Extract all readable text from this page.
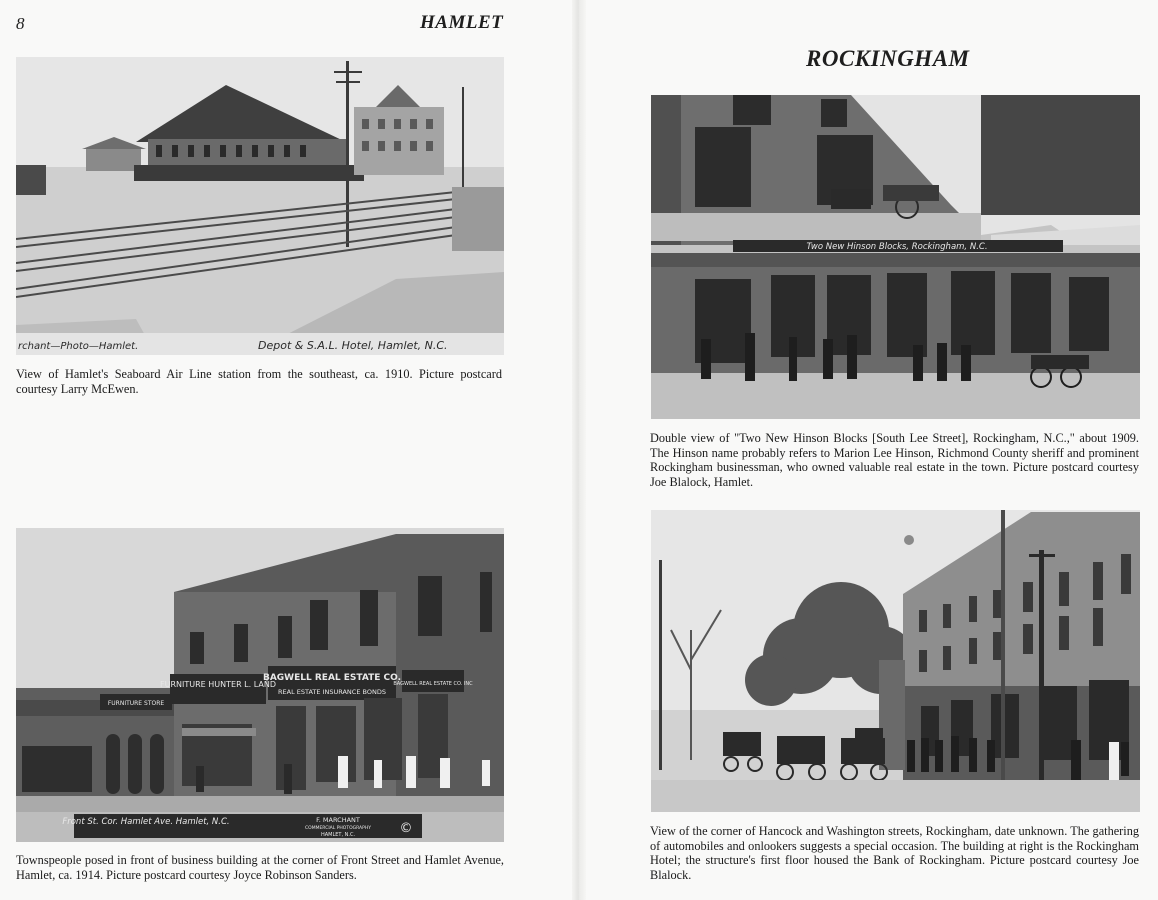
8	HAMLET
ROCKINGHAM
rchant—Photo—Hamlet.	Depot & S.A.L. Hotel, Hamlet, N.C.
View of Hamlet's Seaboard Air Line station from the southeast, ca. 1910. Picture postcard courtesy Larry McEwen.
FURNITURE HUNTER L. LAND
BAGWELL REAL ESTATE CO.
REAL ESTATE INSURANCE BONDS
BAGWELL REAL ESTATE CO. INC
FURNITURE STORE
Front St. Cor. Hamlet Ave. Hamlet, N.C.	F. MARCHANT
COMMERCIAL PHOTOGRAPHY
HAMLET, N.C.	©
Townspeople posed in front of business building at the corner of Front Street and Hamlet Avenue, Hamlet, ca. 1914. Picture postcard courtesy Joyce Robinson Sanders.
Two New Hinson Blocks, Rockingham, N.C.
Double view of "Two New Hinson Blocks [South Lee Street], Rockingham, N.C.," about 1909. The Hinson name probably refers to Marion Lee Hinson, Richmond County sheriff and prominent Rockingham businessman, who owned valuable real estate in the town. Picture postcard courtesy Joe Blalock, Hamlet.
View of the corner of Hancock and Washington streets, Rockingham, date unknown. The gathering of automobiles and onlookers suggests a special occasion. The building at right is the Rockingham Hotel; the structure's first floor housed the Bank of Rockingham. Picture postcard courtesy Joe Blalock.
